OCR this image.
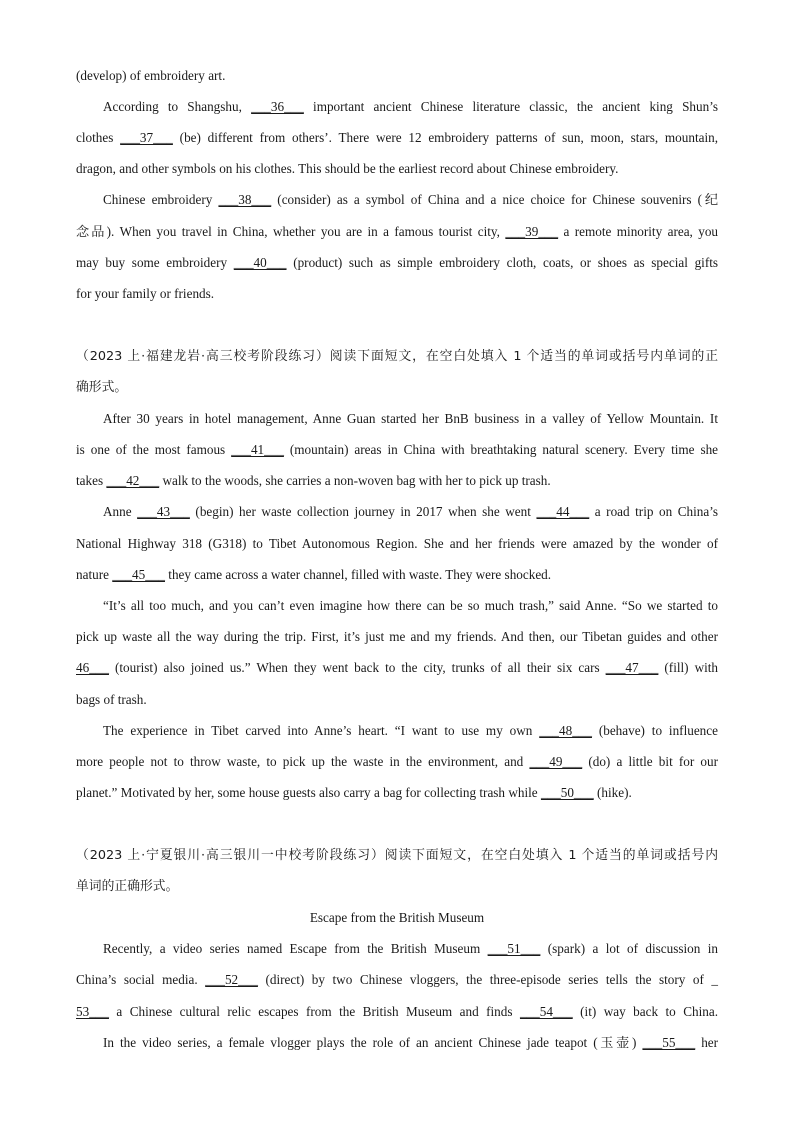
(develop) of embroidery art.
According to Shangshu, ___36___ important ancient Chinese literature classic, the ancient king Shun’s
clothes ___37___ (be) different from others’. There were 12 embroidery patterns of sun, moon, stars, mountain,
dragon, and other symbols on his clothes. This should be the earliest record about Chinese embroidery.
Chinese embroidery ___38___ (consider) as a symbol of China and a nice choice for Chinese souvenirs (纪
念品). When you travel in China, whether you are in a famous tourist city, ___39___ a remote minority area, you
may buy some embroidery ___40___ (product) such as simple embroidery cloth, coats, or shoes as special gifts
for your family or friends.
（2023 上·福建龙岩·高三校考阶段练习）阅读下面短文，在空白处填入 1 个适当的单词或括号内单词的正
确形式。
After 30 years in hotel management, Anne Guan started her BnB business in a valley of Yellow Mountain. It
is one of the most famous ___41___ (mountain) areas in China with breathtaking natural scenery. Every time she
takes ___42___ walk to the woods, she carries a non-woven bag with her to pick up trash.
Anne ___43___ (begin) her waste collection journey in 2017 when she went ___44___ a road trip on China’s
National Highway 318 (G318) to Tibet Autonomous Region. She and her friends were amazed by the wonder of
nature ___45___ they came across a water channel, filled with waste. They were shocked.
“It’s all too much, and you can’t even imagine how there can be so much trash,” said Anne. “So we started to
pick up waste all the way during the trip. First, it’s just me and my friends. And then, our Tibetan guides and other
46___ (tourist) also joined us.” When they went back to the city, trunks of all their six cars ___47___ (fill) with
bags of trash.
The experience in Tibet carved into Anne’s heart. “I want to use my own ___48___ (behave) to influence
more people not to throw waste, to pick up the waste in the environment, and ___49___ (do) a little bit for our
planet.” Motivated by her, some house guests also carry a bag for collecting trash while ___50___ (hike).
（2023 上·宁夏银川·高三银川一中校考阶段练习）阅读下面短文，在空白处填入 1 个适当的单词或括号内
单词的正确形式。
Escape from the British Museum
Recently, a video series named Escape from the British Museum ___51___ (spark) a lot of discussion in
China’s social media. ___52___ (direct) by two Chinese vloggers, the three-episode series tells the story of _
53___ a Chinese cultural relic escapes from the British Museum and finds ___54___ (it) way back to China.
In the video series, a female vlogger plays the role of an ancient Chinese jade teapot (玉壶) ___55___ her
